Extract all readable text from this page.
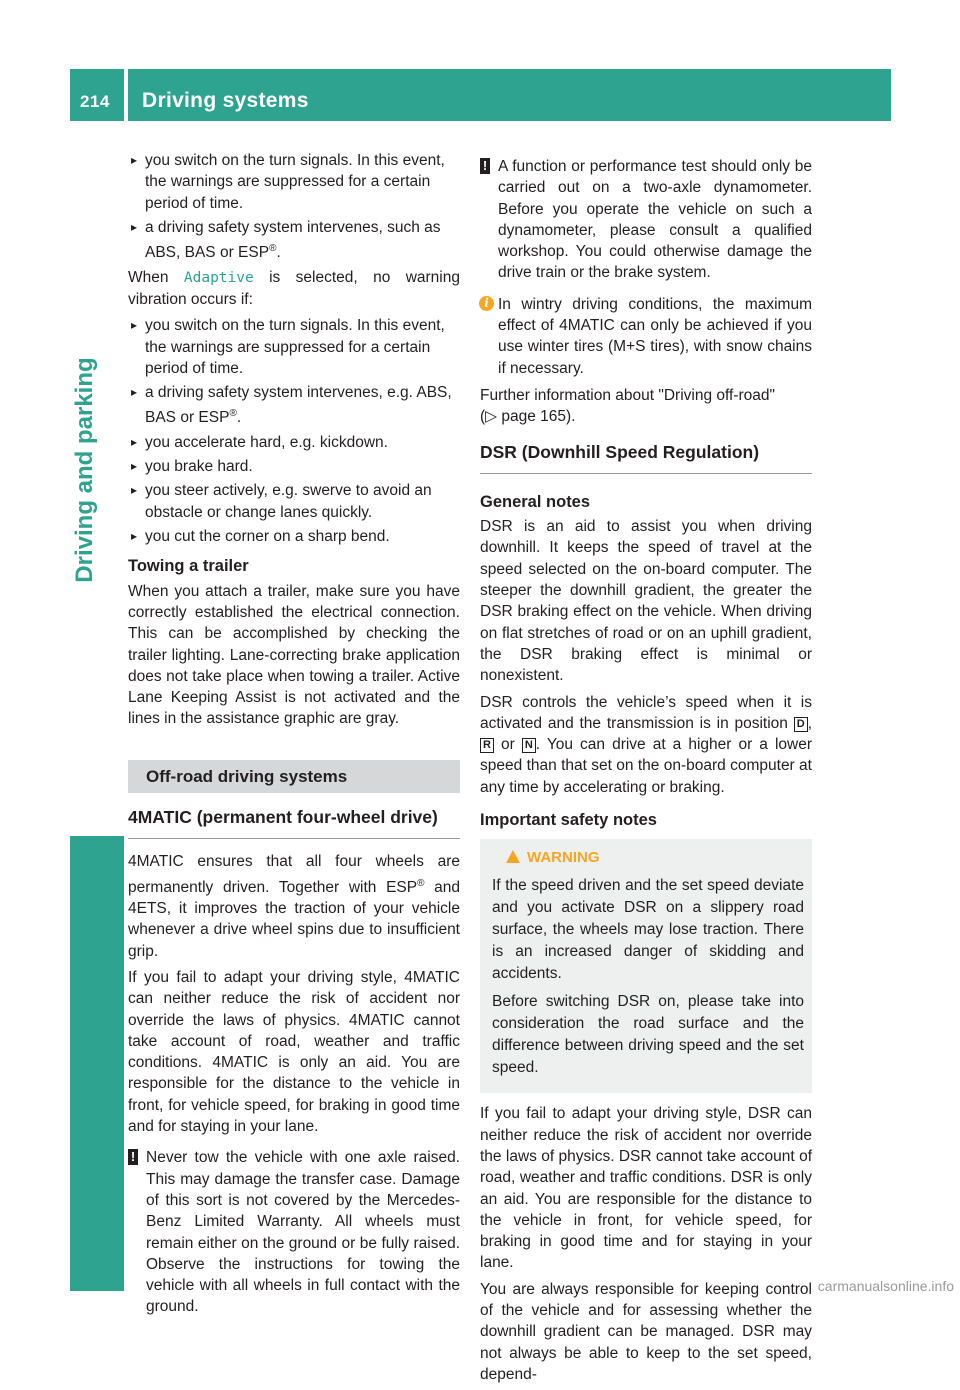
214 Driving systems
Driving and parking
▸ you switch on the turn signals. In this event, the warnings are suppressed for a certain period of time.
▸ a driving safety system intervenes, such as ABS, BAS or ESP®.

When Adaptive is selected, no warning vibration occurs if:

▸ you switch on the turn signals. In this event, the warnings are suppressed for a certain period of time.
▸ a driving safety system intervenes, e.g. ABS, BAS or ESP®.
▸ you accelerate hard, e.g. kickdown.
▸ you brake hard.
▸ you steer actively, e.g. swerve to avoid an obstacle or change lanes quickly.
▸ you cut the corner on a sharp bend.
Towing a trailer

When you attach a trailer, make sure you have correctly established the electrical connection. This can be accomplished by checking the trailer lighting. Lane-correcting brake application does not take place when towing a trailer. Active Lane Keeping Assist is not activated and the lines in the assistance graphic are gray.

Off-road driving systems
4MATIC (permanent four-wheel drive)

4MATIC ensures that all four wheels are permanently driven. Together with ESP® and 4ETS, it improves the traction of your vehicle whenever a drive wheel spins due to insufficient grip.

If you fail to adapt your driving style, 4MATIC can neither reduce the risk of accident nor override the laws of physics. 4MATIC cannot take account of road, weather and traffic conditions. 4MATIC is only an aid. You are responsible for the distance to the vehicle in front, for vehicle speed, for braking in good time and for staying in your lane.

! Never tow the vehicle with one axle raised. This may damage the transfer case. Damage of this sort is not covered by the Mercedes-Benz Limited Warranty. All wheels must remain either on the ground or be fully raised. Observe the instructions for towing the vehicle with all wheels in full contact with the ground.
! A function or performance test should only be carried out on a two-axle dynamometer. Before you operate the vehicle on such a dynamometer, please consult a qualified workshop. You could otherwise damage the drive train or the brake system.
i In wintry driving conditions, the maximum effect of 4MATIC can only be achieved if you use winter tires (M+S tires), with snow chains if necessary.

Further information about "Driving off-road"

(▷ page 165).

DSR (Downhill Speed Regulation)
General notes

DSR is an aid to assist you when driving downhill. It keeps the speed of travel at the speed selected on the on-board computer. The steeper the downhill gradient, the greater the DSR braking effect on the vehicle. When driving on flat stretches of road or on an uphill gradient, the DSR braking effect is minimal or nonexistent.

DSR controls the vehicle’s speed when it is activated and the transmission is in position D , R or N . You can drive at a higher or a lower speed than that set on the on-board computer at any time by accelerating or braking.

Important safety notes
WARNING

If the speed driven and the set speed deviate and you activate DSR on a slippery road surface, the wheels may lose traction. There is an increased danger of skidding and accidents.

Before switching DSR on, please take into consideration the road surface and the difference between driving speed and the set speed.

If you fail to adapt your driving style, DSR can neither reduce the risk of accident nor override the laws of physics. DSR cannot take account of road, weather and traffic conditions. DSR is only an aid. You are responsible for the distance to the vehicle in front, for vehicle speed, for braking in good time and for staying in your lane.

You are always responsible for keeping control of the vehicle and for assessing whether the downhill gradient can be managed. DSR may not always be able to keep to the set speed, depend-

carmanualsonline.info
